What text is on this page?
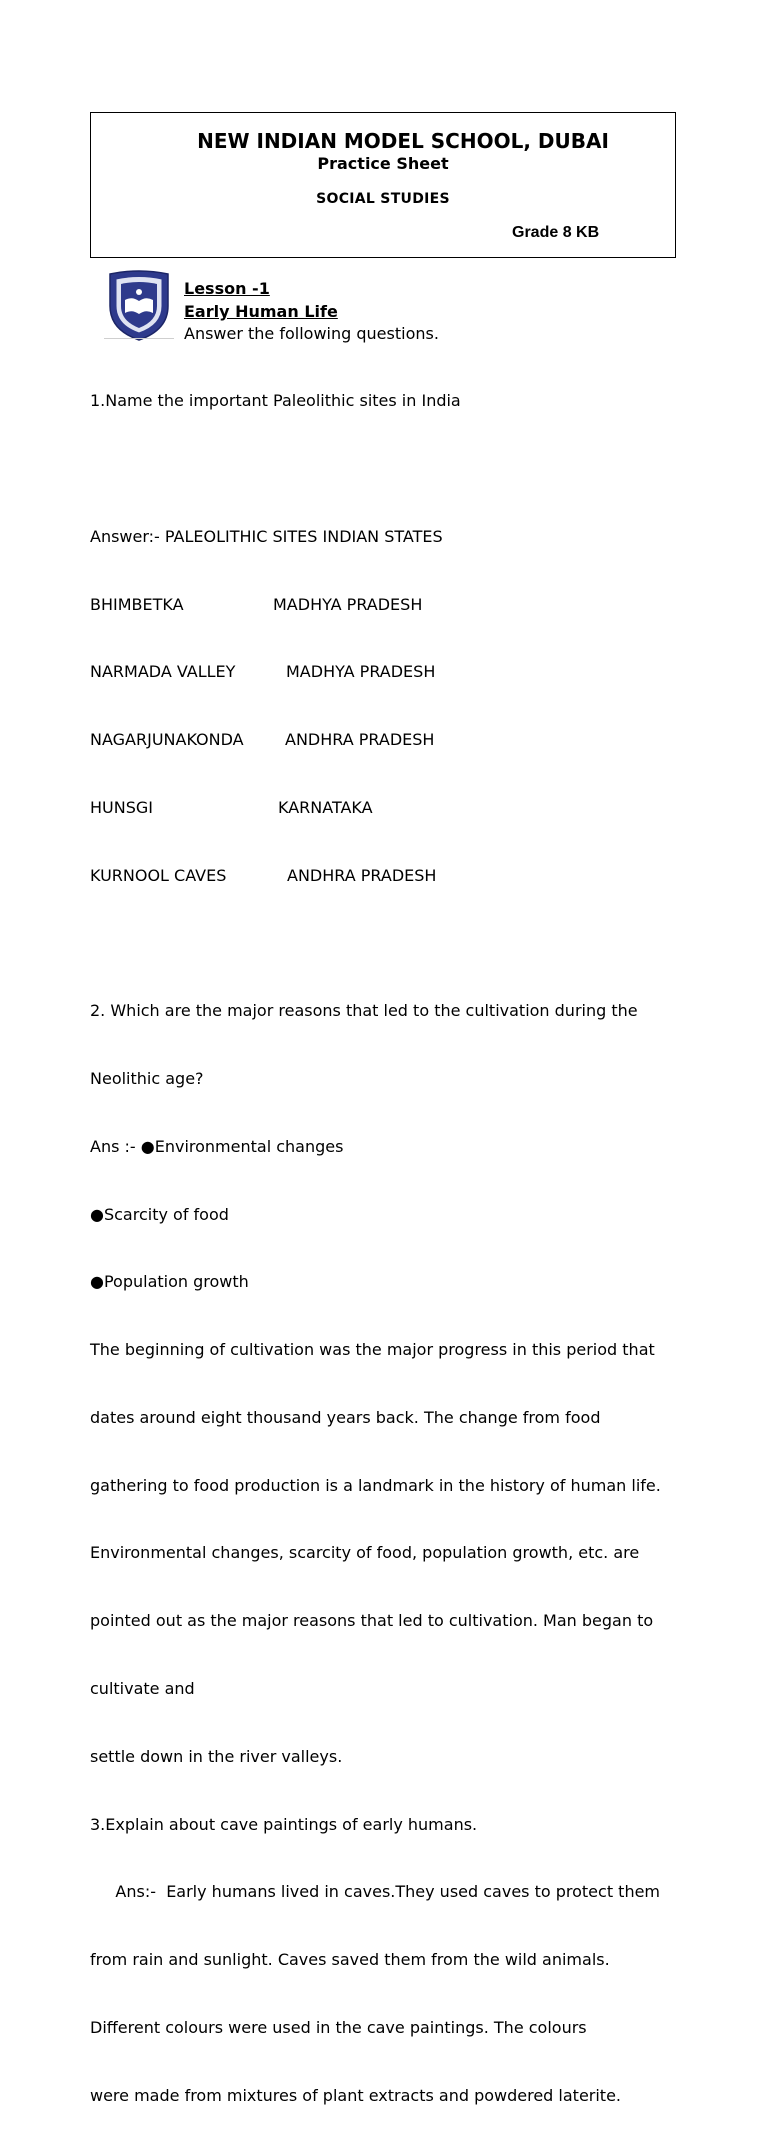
NEW INDIAN MODEL SCHOOL, DUBAI
Practice Sheet
SOCIAL STUDIES
Grade 8 KB
Lesson -1
Early Human Life
Answer the following questions.

1.Name the important Paleolithic sites in India

Answer:- PALEOLITHIC SITES INDIAN STATES

BHIMBETKA	MADHYA PRADESH

NARMADA VALLEY	MADHYA PRADESH

NAGARJUNAKONDA	ANDHRA PRADESH

HUNSGI	KARNATAKA

KURNOOL CAVES	ANDHRA PRADESH

2. Which are the major reasons that led to the cultivation during the

Neolithic age?

Ans :- ●Environmental changes

●Scarcity of food

●Population growth

The beginning of cultivation was the major progress in this period that

dates around eight thousand years back. The change from food

gathering to food production is a landmark in the history of human life.

Environmental changes, scarcity of food, population growth, etc. are

pointed out as the major reasons that led to cultivation. Man began to

cultivate and

settle down in the river valleys.

3.Explain about cave paintings of early humans.

Ans:-  Early humans lived in caves.They used caves to protect them

from rain and sunlight. Caves saved them from the wild animals.

Different colours were used in the cave paintings. The colours

were made from mixtures of plant extracts and powdered laterite.
